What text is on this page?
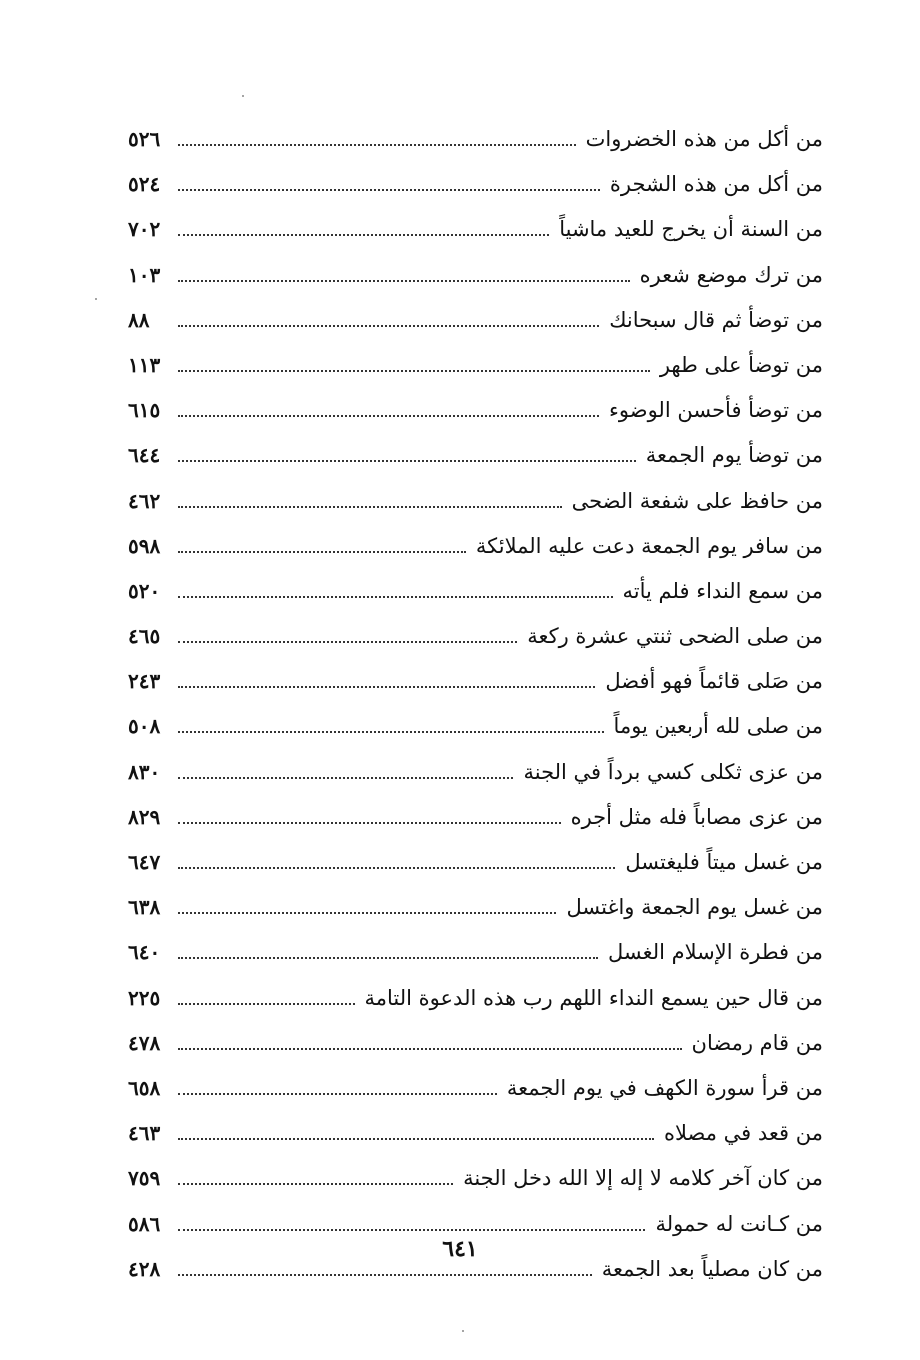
من أكل من هذه الخضروات
٥٢٦
من أكل من هذه الشجرة
٥٢٤
من السنة أن يخرج للعيد ماشياً
٧٠٢
من ترك موضع شعره
١٠٣
من توضأ ثم قال سبحانك
٨٨
من توضأ على طهر
١١٣
من توضأ فأحسن الوضوء
٦١٥
من توضأ يوم الجمعة
٦٤٤
من حافظ على شفعة الضحى
٤٦٢
من سافر يوم الجمعة دعت عليه الملائكة
٥٩٨
من سمع النداء فلم يأته
٥٢٠
من صلى الضحى ثنتي عشرة ركعة
٤٦٥
من صَلى قائماً فهو أفضل
٢٤٣
من صلى لله أربعين يوماً
٥٠٨
من عزى ثكلى كسي برداً في الجنة
٨٣٠
من عزى مصاباً فله مثل أجره
٨٢٩
من غسل ميتاً فليغتسل
٦٤٧
من غسل يوم الجمعة واغتسل
٦٣٨
من فطرة الإسلام الغسل
٦٤٠
من قال حين يسمع النداء اللهم رب هذه الدعوة التامة
٢٢٥
من قام رمضان
٤٧٨
من قرأ سورة الكهف في يوم الجمعة
٦٥٨
من قعد في مصلاه
٤٦٣
من كان آخر كلامه لا إله إلا الله دخل الجنة
٧٥٩
من كـانت له حمولة
٥٨٦
من كان مصلياً بعد الجمعة
٤٢٨
٦٤١
